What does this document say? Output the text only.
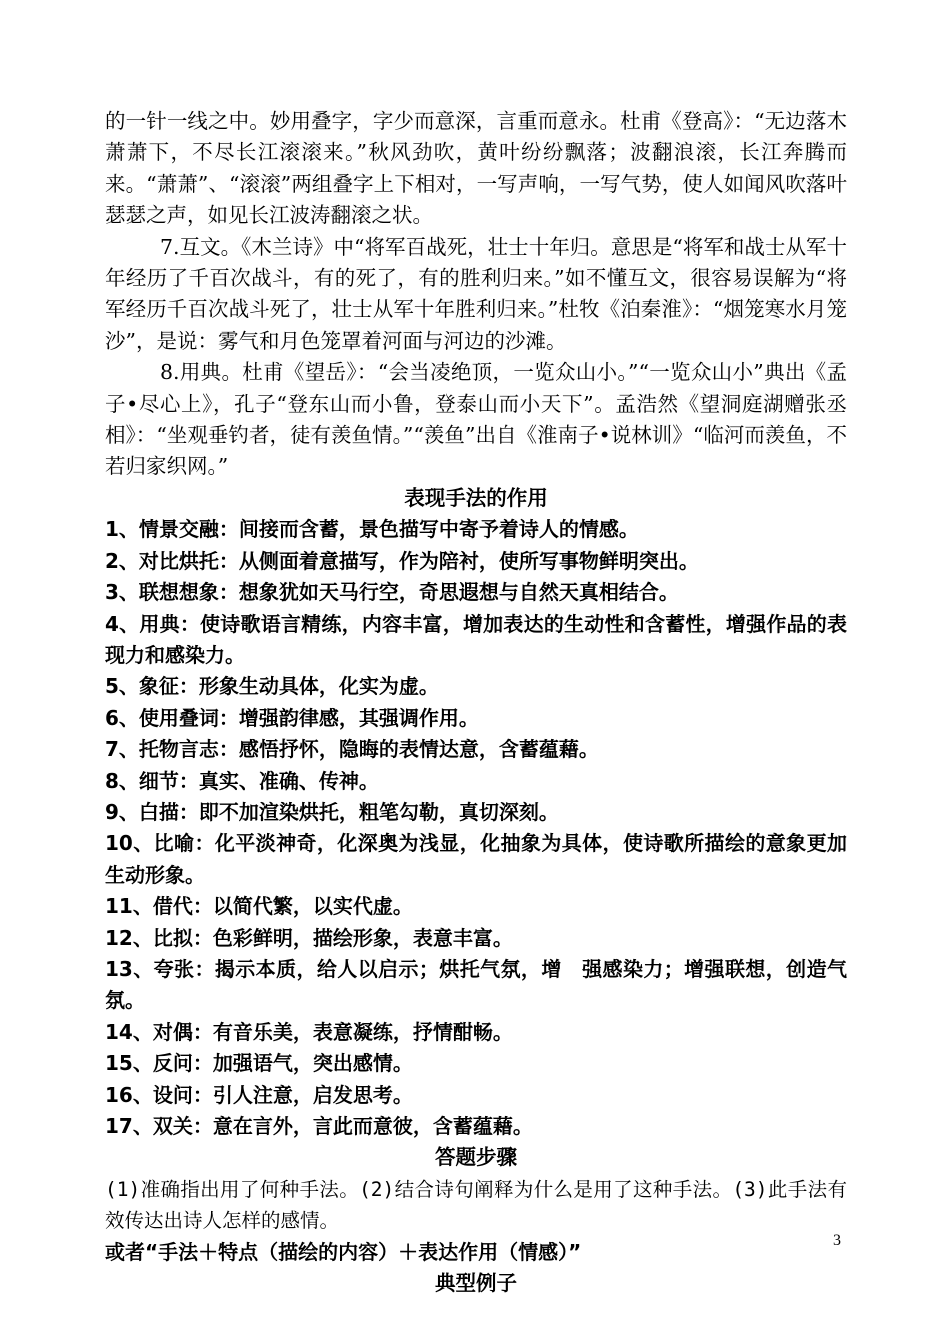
的一针一线之中。妙用叠字，字少而意深，言重而意永。杜甫《登高》：“无边落木萧萧下，不尽长江滚滚来。”秋风劲吹，黄叶纷纷飘落；波翻浪滚，长江奔腾而来。“萧萧”、“滚滚”两组叠字上下相对，一写声响，一写气势，使人如闻风吹落叶瑟瑟之声，如见长江波涛翻滚之状。

7.互文。《木兰诗》中“将军百战死，壮士十年归。意思是“将军和战士从军十年经历了千百次战斗，有的死了，有的胜利归来。”如不懂互文，很容易误解为“将军经历千百次战斗死了，壮士从军十年胜利归来。”杜牧《泊秦淮》：“烟笼寒水月笼沙”，是说：雾气和月色笼罩着河面与河边的沙滩。

8.用典。杜甫《望岳》：“会当凌绝顶，一览众山小。”“一览众山小”典出《孟子•尽心上》，孔子“登东山而小鲁，登泰山而小天下”。孟浩然《望洞庭湖赠张丞相》：“坐观垂钓者，徒有羡鱼情。”“羡鱼”出自《淮南子•说林训》“临河而羡鱼，不若归家织网。”

表现手法的作用

1、情景交融：间接而含蓄，景色描写中寄予着诗人的情感。

2、对比烘托：从侧面着意描写，作为陪衬，使所写事物鲜明突出。

3、联想想象：想象犹如天马行空，奇思遐想与自然天真相结合。

4、用典：使诗歌语言精练，内容丰富，增加表达的生动性和含蓄性，增强作品的表现力和感染力。

5、象征：形象生动具体，化实为虚。

6、使用叠词：增强韵律感，其强调作用。

7、托物言志：感悟抒怀，隐晦的表情达意，含蓄蕴藉。

8、细节：真实、准确、传神。

9、白描：即不加渲染烘托，粗笔勾勒，真切深刻。

10、比喻：化平淡神奇，化深奥为浅显，化抽象为具体，使诗歌所描绘的意象更加生动形象。

11、借代：以简代繁，以实代虚。

12、比拟：色彩鲜明，描绘形象，表意丰富。

13、夸张：揭示本质，给人以启示；烘托气氛，增　强感染力；增强联想，创造气氛。

14、对偶：有音乐美，表意凝练，抒情酣畅。

15、反问：加强语气，突出感情。

16、设问：引人注意，启发思考。

17、双关：意在言外，言此而意彼，含蓄蕴藉。

答题步骤

(1)准确指出用了何种手法。(2)结合诗句阐释为什么是用了这种手法。(3)此手法有效传达出诗人怎样的感情。

或者“手法＋特点（描绘的内容）＋表达作用（情感）”

典型例子

3
